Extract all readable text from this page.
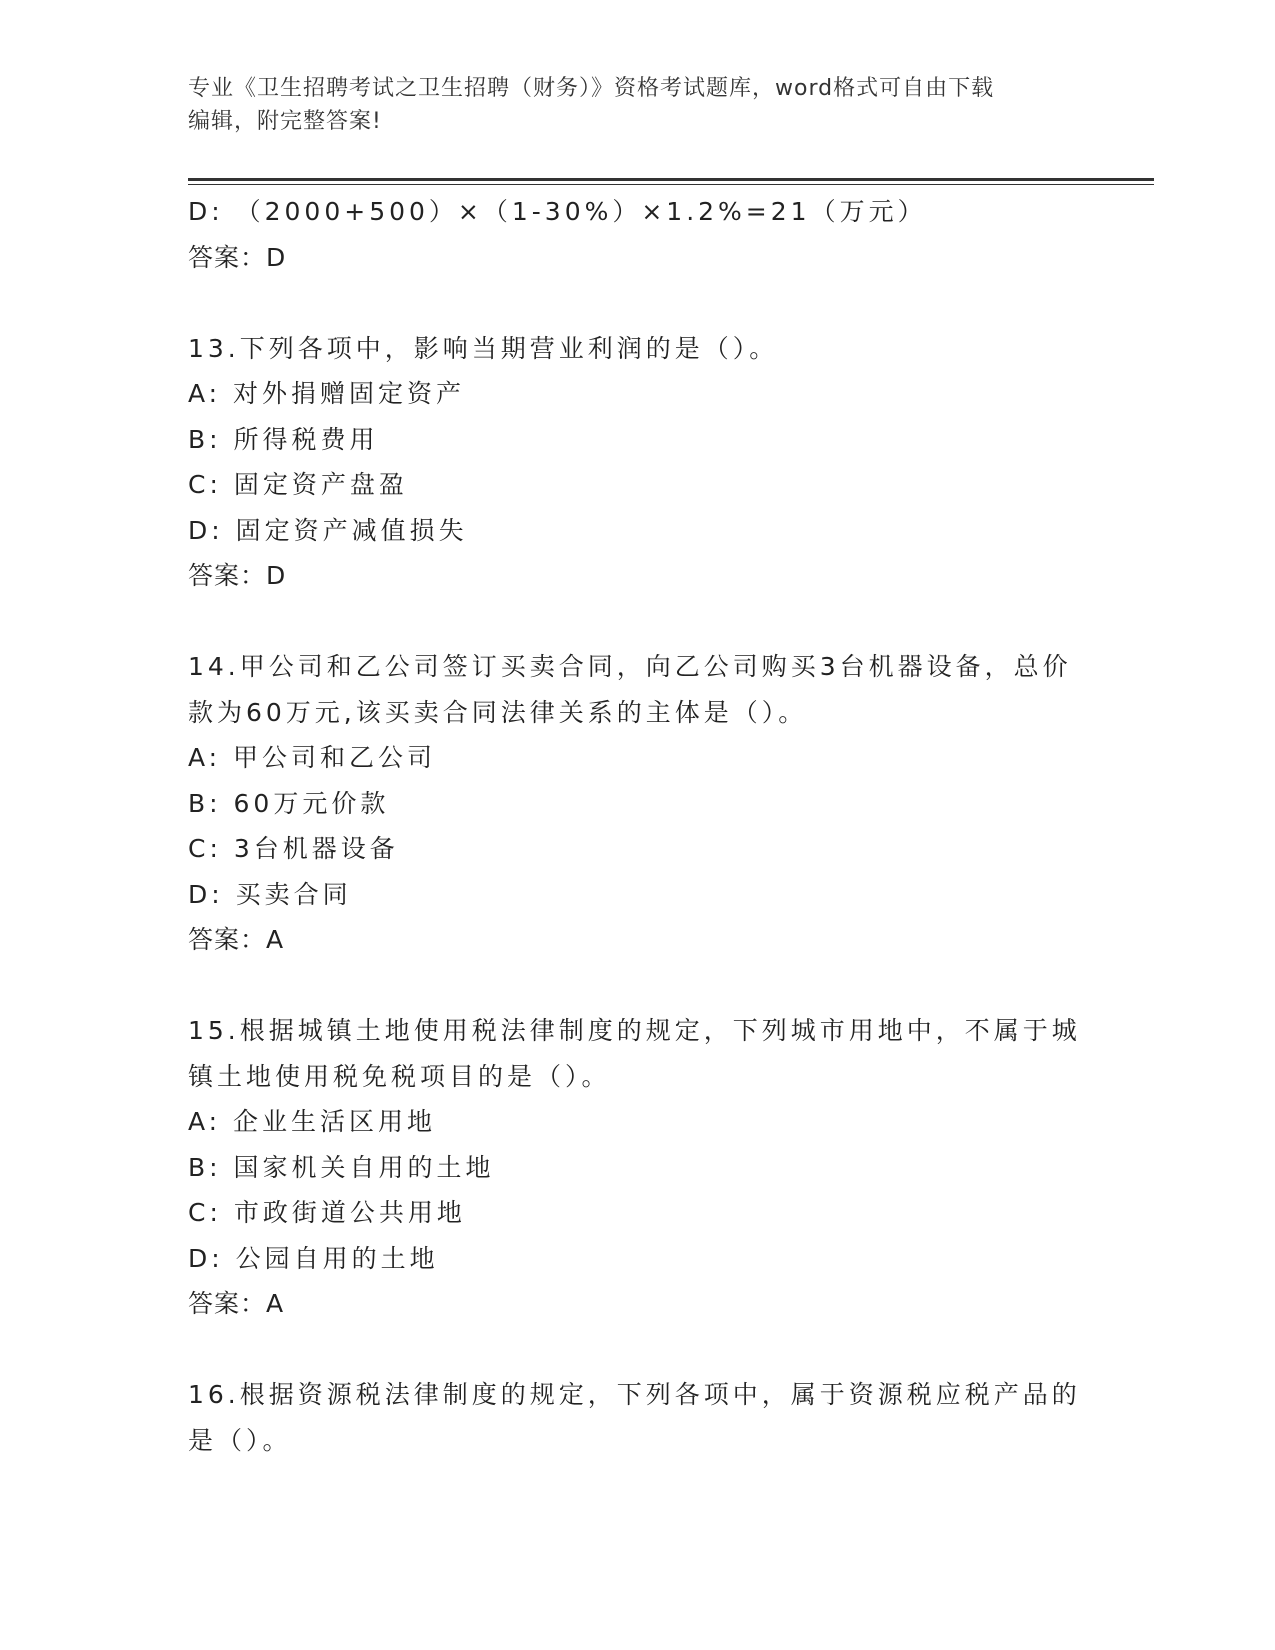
专业《卫生招聘考试之卫生招聘（财务）》资格考试题库，word格式可自由下载
编辑，附完整答案!
D: （2000+500）×（1-30%）×1.2%=21（万元）
答案：D
13.下列各项中，影响当期营业利润的是（）。
A: 对外捐赠固定资产
B: 所得税费用
C: 固定资产盘盈
D: 固定资产减值损失
答案：D
14.甲公司和乙公司签订买卖合同，向乙公司购买3台机器设备，总价
款为60万元,该买卖合同法律关系的主体是（）。
A: 甲公司和乙公司
B: 60万元价款
C: 3台机器设备
D: 买卖合同
答案：A
15.根据城镇土地使用税法律制度的规定，下列城市用地中，不属于城
镇土地使用税免税项目的是（）。
A: 企业生活区用地
B: 国家机关自用的土地
C: 市政街道公共用地
D: 公园自用的土地
答案：A
16.根据资源税法律制度的规定，下列各项中，属于资源税应税产品的
是（）。
